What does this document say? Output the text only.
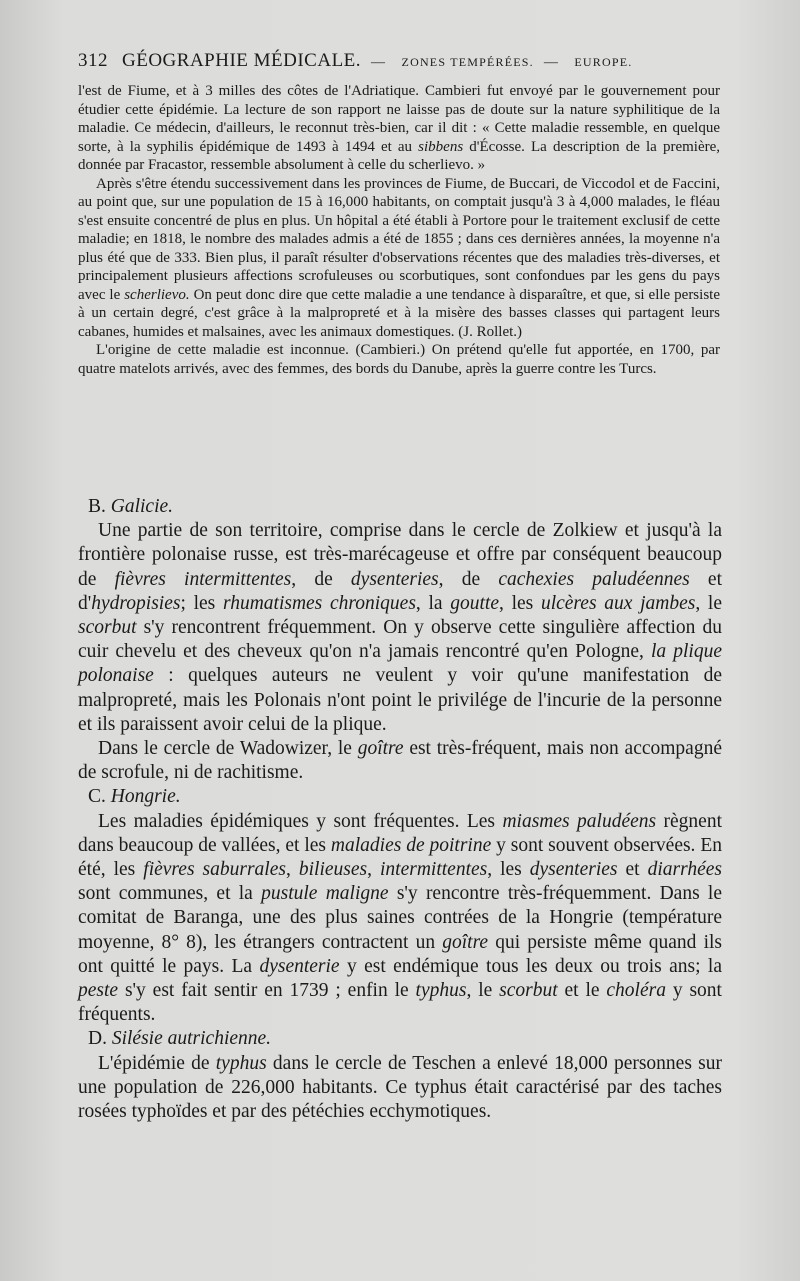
312 GÉOGRAPHIE MÉDICALE. — ZONES TEMPÉRÉES. — EUROPE.

l'est de Fiume, et à 3 milles des côtes de l'Adriatique. Cambieri fut envoyé par le gouvernement pour étudier cette épidémie. La lecture de son rapport ne laisse pas de doute sur la nature syphilitique de la maladie. Ce médecin, d'ailleurs, le reconnut très-bien, car il dit : « Cette maladie ressemble, en quelque sorte, à la syphilis épidémique de 1493 à 1494 et au sibbens d'Écosse. La description de la première, donnée par Fracastor, ressemble absolument à celle du scherlievo. »

Après s'être étendu successivement dans les provinces de Fiume, de Buccari, de Viccodol et de Faccini, au point que, sur une population de 15 à 16,000 habitants, on comptait jusqu'à 3 à 4,000 malades, le fléau s'est ensuite concentré de plus en plus. Un hôpital a été établi à Portore pour le traitement exclusif de cette maladie; en 1818, le nombre des malades admis a été de 1855 ; dans ces dernières années, la moyenne n'a plus été que de 333. Bien plus, il paraît résulter d'observations récentes que des maladies très-diverses, et principalement plusieurs affections scrofuleuses ou scorbutiques, sont confondues par les gens du pays avec le scherlievo. On peut donc dire que cette maladie a une tendance à disparaître, et que, si elle persiste à un certain degré, c'est grâce à la malpropreté et à la misère des basses classes qui partagent leurs cabanes, humides et malsaines, avec les animaux domestiques. (J. Rollet.)

L'origine de cette maladie est inconnue. (Cambieri.) On prétend qu'elle fut apportée, en 1700, par quatre matelots arrivés, avec des femmes, des bords du Danube, après la guerre contre les Turcs.

B. Galicie.

Une partie de son territoire, comprise dans le cercle de Zolkiew et jusqu'à la frontière polonaise russe, est très-marécageuse et offre par conséquent beaucoup de fièvres intermittentes, de dysenteries, de cachexies paludéennes et d'hydropisies; les rhumatismes chroniques, la goutte, les ulcères aux jambes, le scorbut s'y rencontrent fréquemment. On y observe cette singulière affection du cuir chevelu et des cheveux qu'on n'a jamais rencontré qu'en Pologne, la plique polonaise : quelques auteurs ne veulent y voir qu'une manifestation de malpropreté, mais les Polonais n'ont point le privilége de l'incurie de la personne et ils paraissent avoir celui de la plique.

Dans le cercle de Wadowizer, le goître est très-fréquent, mais non accompagné de scrofule, ni de rachitisme.

C. Hongrie.

Les maladies épidémiques y sont fréquentes. Les miasmes paludéens règnent dans beaucoup de vallées, et les maladies de poitrine y sont souvent observées. En été, les fièvres saburrales, bilieuses, intermittentes, les dysenteries et diarrhées sont communes, et la pustule maligne s'y rencontre très-fréquemment. Dans le comitat de Baranga, une des plus saines contrées de la Hongrie (température moyenne, 8° 8), les étrangers contractent un goître qui persiste même quand ils ont quitté le pays. La dysenterie y est endémique tous les deux ou trois ans; la peste s'y est fait sentir en 1739 ; enfin le typhus, le scorbut et le choléra y sont fréquents.

D. Silésie autrichienne.

L'épidémie de typhus dans le cercle de Teschen a enlevé 18,000 personnes sur une population de 226,000 habitants. Ce typhus était caractérisé par des taches rosées typhoïdes et par des pétéchies ecchymotiques.
